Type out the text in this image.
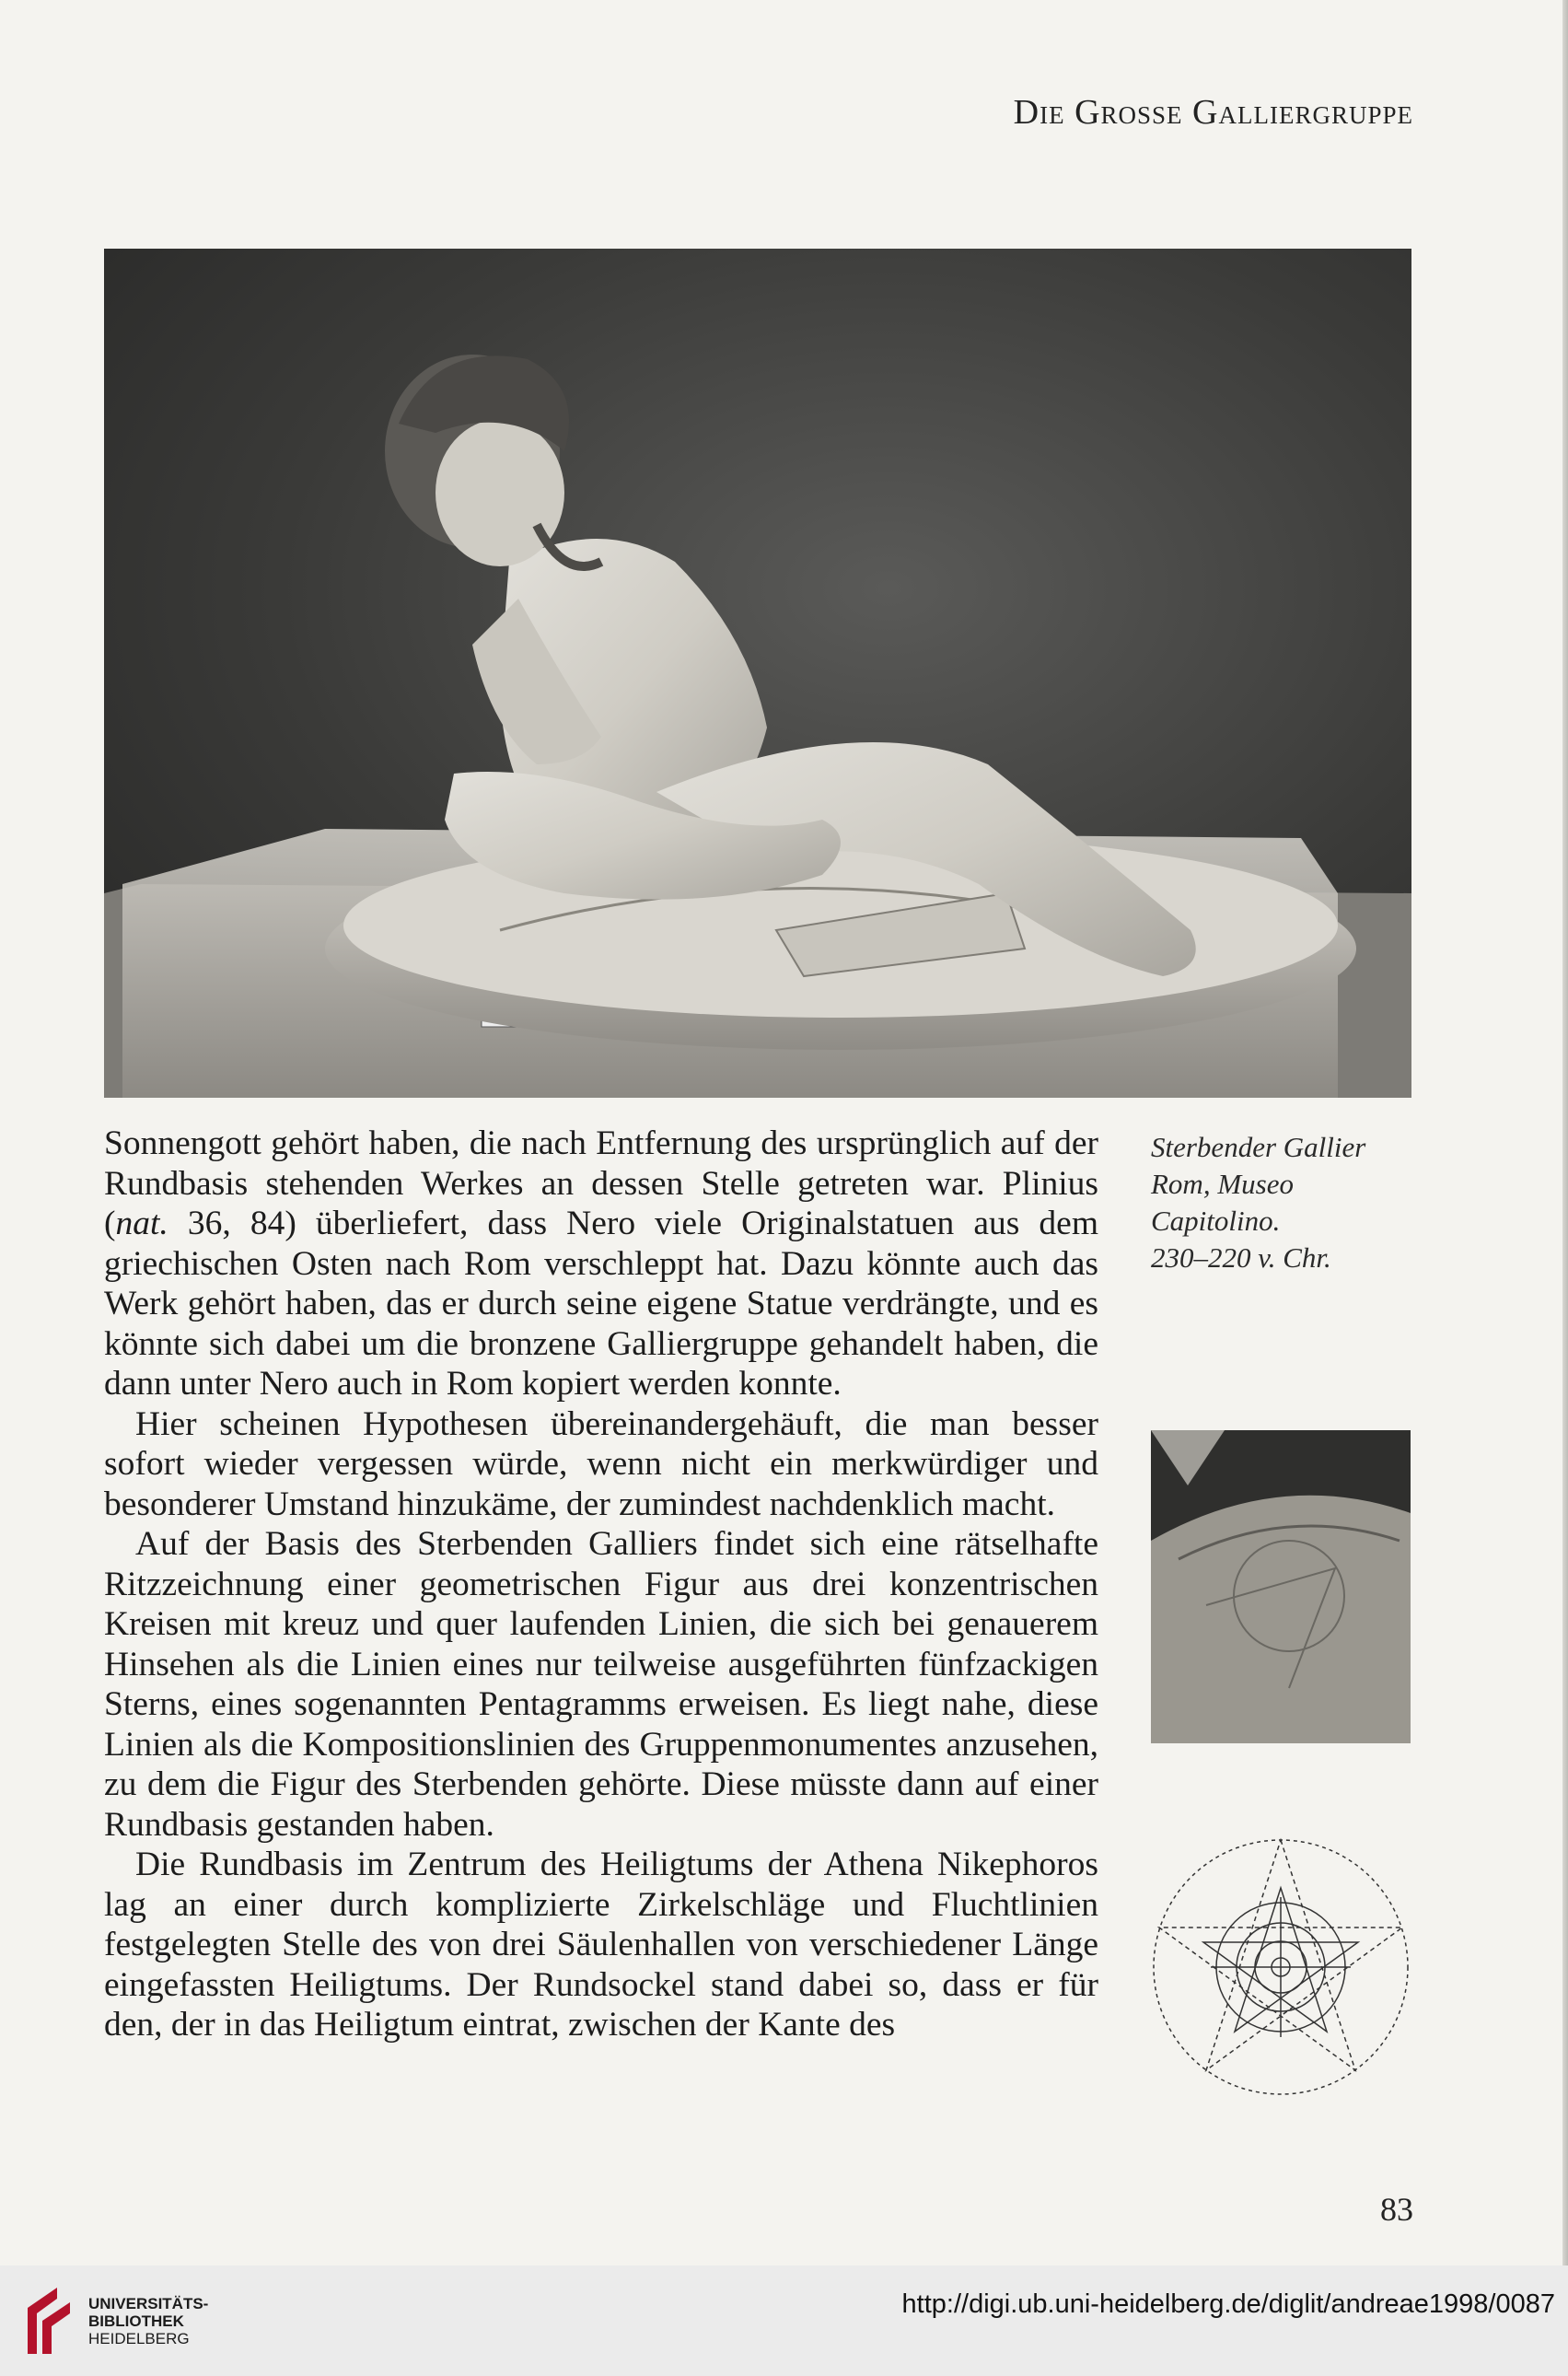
Die Grosse Galliergruppe

Sonnengott gehört haben, die nach Entfernung des ursprünglich auf der Rundbasis stehenden Werkes an dessen Stelle getreten war. Plinius (nat. 36, 84) überliefert, dass Nero viele Originalstatuen aus dem griechischen Osten nach Rom verschleppt hat. Dazu könnte auch das Werk gehört haben, das er durch seine eigene Statue verdrängte, und es könnte sich dabei um die bronzene Galliergruppe gehandelt haben, die dann unter Nero auch in Rom kopiert werden konnte.

Hier scheinen Hypothesen übereinandergehäuft, die man besser sofort wieder vergessen würde, wenn nicht ein merkwürdiger und besonderer Umstand hinzukäme, der zumindest nachdenklich macht.

Auf der Basis des Sterbenden Galliers findet sich eine rätselhafte Ritzzeichnung einer geometrischen Figur aus drei konzentrischen Kreisen mit kreuz und quer laufenden Linien, die sich bei genauerem Hinsehen als die Linien eines nur teilweise ausgeführten fünfzackigen Sterns, eines sogenannten Pentagramms erweisen. Es liegt nahe, diese Linien als die Kompositionslinien des Gruppenmonumentes anzusehen, zu dem die Figur des Sterbenden gehörte. Diese müsste dann auf einer Rundbasis gestanden haben.

Die Rundbasis im Zentrum des Heiligtums der Athena Nikephoros lag an einer durch komplizierte Zirkelschläge und Fluchtlinien festgelegten Stelle des von drei Säulenhallen von verschiedener Länge eingefassten Heiligtums. Der Rundsockel stand dabei so, dass er für den, der in das Heiligtum eintrat, zwischen der Kante des

Sterbender Gallier
Rom, Museo
Capitolino.
230–220 v. Chr.
83
UNIVERSITÄTS-
BIBLIOTHEK
HEIDELBERG
http://digi.ub.uni-heidelberg.de/diglit/andreae1998/0087
